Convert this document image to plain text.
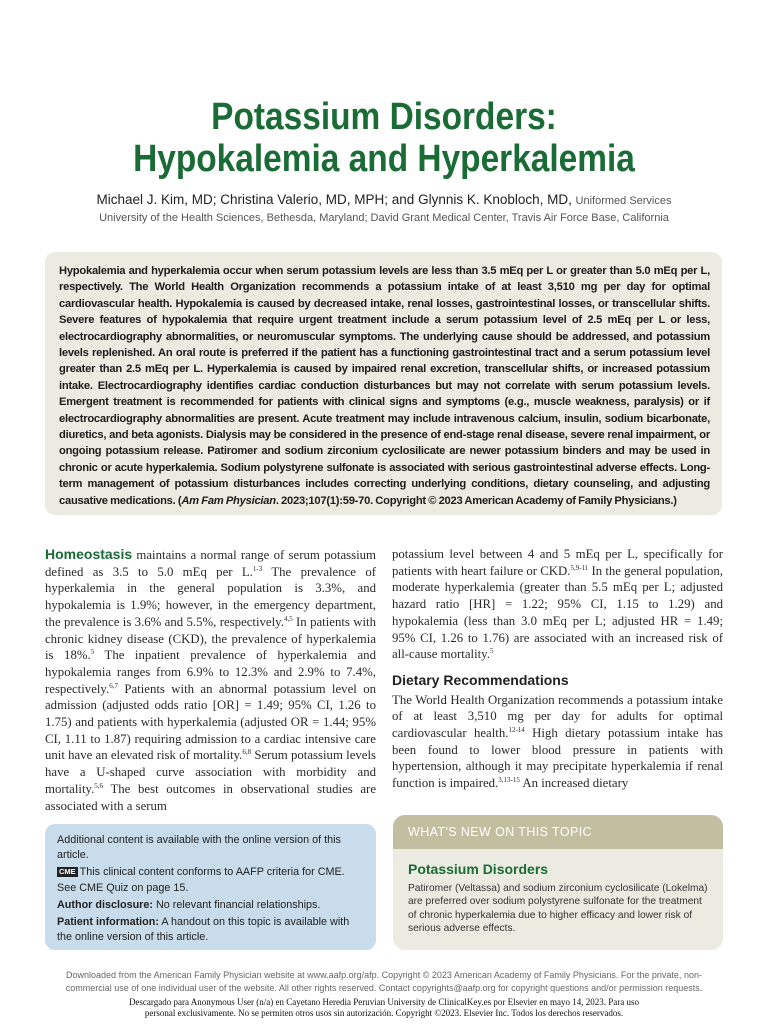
Potassium Disorders:
Hypokalemia and Hyperkalemia
Michael J. Kim, MD; Christina Valerio, MD, MPH; and Glynnis K. Knobloch, MD, Uniformed Services
University of the Health Sciences, Bethesda, Maryland; David Grant Medical Center, Travis Air Force Base, California
Hypokalemia and hyperkalemia occur when serum potassium levels are less than 3.5 mEq per L or greater than 5.0 mEq per L, respectively. The World Health Organization recommends a potassium intake of at least 3,510 mg per day for optimal cardiovascular health. Hypokalemia is caused by decreased intake, renal losses, gastrointestinal losses, or transcellular shifts. Severe features of hypokalemia that require urgent treatment include a serum potassium level of 2.5 mEq per L or less, electrocardiography abnormalities, or neuromuscular symptoms. The underlying cause should be addressed, and potassium levels replenished. An oral route is preferred if the patient has a functioning gastrointestinal tract and a serum potassium level greater than 2.5 mEq per L. Hyperkalemia is caused by impaired renal excretion, transcellular shifts, or increased potassium intake. Electrocardiography identifies cardiac conduction disturbances but may not correlate with serum potassium levels. Emergent treatment is recommended for patients with clinical signs and symptoms (e.g., muscle weakness, paralysis) or if electrocardiography abnormalities are present. Acute treatment may include intravenous calcium, insulin, sodium bicarbonate, diuretics, and beta agonists. Dialysis may be considered in the presence of end-stage renal disease, severe renal impairment, or ongoing potassium release. Patiromer and sodium zirconium cyclosilicate are newer potassium binders and may be used in chronic or acute hyperkalemia. Sodium polystyrene sulfonate is associated with serious gastrointestinal adverse effects. Long-term management of potassium disturbances includes correcting underlying conditions, dietary counseling, and adjusting causative medications. (Am Fam Physician. 2023;107(1):59-70. Copyright © 2023 American Academy of Family Physicians.)
Homeostasis maintains a normal range of serum potassium defined as 3.5 to 5.0 mEq per L.$^{1-3}$ The prevalence of hyperkalemia in the general population is 3.3%, and hypokalemia is 1.9%; however, in the emergency department, the prevalence is 3.6% and 5.5%, respectively.$^{4,5}$ In patients with chronic kidney disease (CKD), the prevalence of hyperkalemia is 18%.$^5$ The inpatient prevalence of hyperkalemia and hypokalemia ranges from 6.9% to 12.3% and 2.9% to 7.4%, respectively.$^{6,7}$ Patients with an abnormal potassium level on admission (adjusted odds ratio [OR] = 1.49; 95% CI, 1.26 to 1.75) and patients with hyperkalemia (adjusted OR = 1.44; 95% CI, 1.11 to 1.87) requiring admission to a cardiac intensive care unit have an elevated risk of mortality.$^{6,8}$ Serum potassium levels have a U-shaped curve association with morbidity and mortality.$^{5,6}$ The best outcomes in observational studies are associated with a serum
potassium level between 4 and 5 mEq per L, specifically for patients with heart failure or CKD.$^{5,9-11}$ In the general population, moderate hyperkalemia (greater than 5.5 mEq per L; adjusted hazard ratio [HR] = 1.22; 95% CI, 1.15 to 1.29) and hypokalemia (less than 3.0 mEq per L; adjusted HR = 1.49; 95% CI, 1.26 to 1.76) are associated with an increased risk of all-cause mortality.$^5$
Dietary Recommendations
The World Health Organization recommends a potassium intake of at least 3,510 mg per day for adults for optimal cardiovascular health.$^{12-14}$ High dietary potassium intake has been found to lower blood pressure in patients with hypertension, although it may precipitate hyperkalemia if renal function is impaired.$^{3,13-15}$ An increased dietary

Additional content is available with the online version of this article.

CME This clinical content conforms to AAFP criteria for CME. See CME Quiz on page 15.

Author disclosure: No relevant financial relationships.

Patient information: A handout on this topic is available with the online version of this article.

WHAT'S NEW ON THIS TOPIC
Potassium Disorders
Patiromer (Veltassa) and sodium zirconium cyclosilicate (Lokelma) are preferred over sodium polystyrene sulfonate for the treatment of chronic hyperkalemia due to higher efficacy and lower risk of serious adverse effects.
Downloaded from the American Family Physician website at www.aafp.org/afp. Copyright © 2023 American Academy of Family Physicians. For the private, non-
commercial use of one individual user of the website. All other rights reserved. Contact copyrights@aafp.org for copyright questions and/or permission requests.
Descargado para Anonymous User (n/a) en Cayetano Heredia Peruvian University de ClinicalKey.es por Elsevier en mayo 14, 2023. Para uso
personal exclusivamente. No se permiten otros usos sin autorización. Copyright ©2023. Elsevier Inc. Todos los derechos reservados.
